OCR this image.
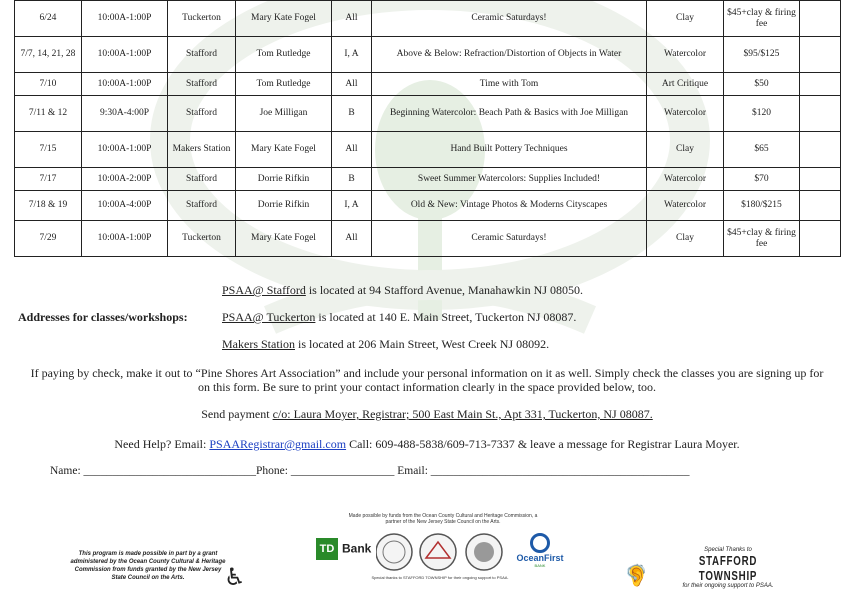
6/24	10:00A-1:00P	Tuckerton	Mary Kate Fogel	All	Ceramic Saturdays!	Clay	$45+clay & firing fee	
7/7, 14, 21, 28	10:00A-1:00P	Stafford	Tom Rutledge	I, A	Above & Below: Refraction/Distortion of Objects in Water	Watercolor	$95/$125	
7/10	10:00A-1:00P	Stafford	Tom Rutledge	All	Time with Tom	Art Critique	$50	
7/11 & 12	9:30A-4:00P	Stafford	Joe Milligan	B	Beginning Watercolor: Beach Path & Basics with Joe Milligan	Watercolor	$120	
7/15	10:00A-1:00P	Makers Station	Mary Kate Fogel	All	Hand Built Pottery Techniques	Clay	$65	
7/17	10:00A-2:00P	Stafford	Dorrie Rifkin	B	Sweet Summer Watercolors: Supplies Included!	Watercolor	$70	
7/18 & 19	10:00A-4:00P	Stafford	Dorrie Rifkin	I, A	Old & New: Vintage Photos & Moderns Cityscapes	Watercolor	$180/$215	
7/29	10:00A-1:00P	Tuckerton	Mary Kate Fogel	All	Ceramic Saturdays!	Clay	$45+clay & firing fee	
Addresses for classes/workshops:
PSAA@ Stafford is located at 94 Stafford Avenue, Manahawkin NJ 08050.
PSAA@ Tuckerton is located at 140 E. Main Street, Tuckerton NJ 08087.
Makers Station is located at 206 Main Street, West Creek NJ 08092.
If paying by check, make it out to “Pine Shores Art Association” and include your personal information on it as well. Simply check the classes you are signing up for on this form. Be sure to print your contact information clearly in the space provided below, too.
Send payment c/o: Laura Moyer, Registrar; 500 East Main St., Apt 331, Tuckerton, NJ 08087.
Need Help? Email: PSAARegistrar@gmail.com Call: 609-488-5838/609-713-7337 & leave a message for Registrar Laura Moyer.
Name: ______________________________Phone: __________________ Email: _____________________________________________
Made possible by funds from the Ocean County Cultural and Heritage Commission, a partner of the New Jersey State Council on the Arts.
TD Bank
OceanFirst
BANK
Special thanks to STAFFORD TOWNSHIP for their ongoing support to PSAA.
This program is made possible in part by a grant administered by the Ocean County Cultural & Heritage Commission from funds granted by the New Jersey State Council on the Arts.	♿	🦻
Special Thanks to
STAFFORD TOWNSHIP
for their ongoing support to PSAA.
